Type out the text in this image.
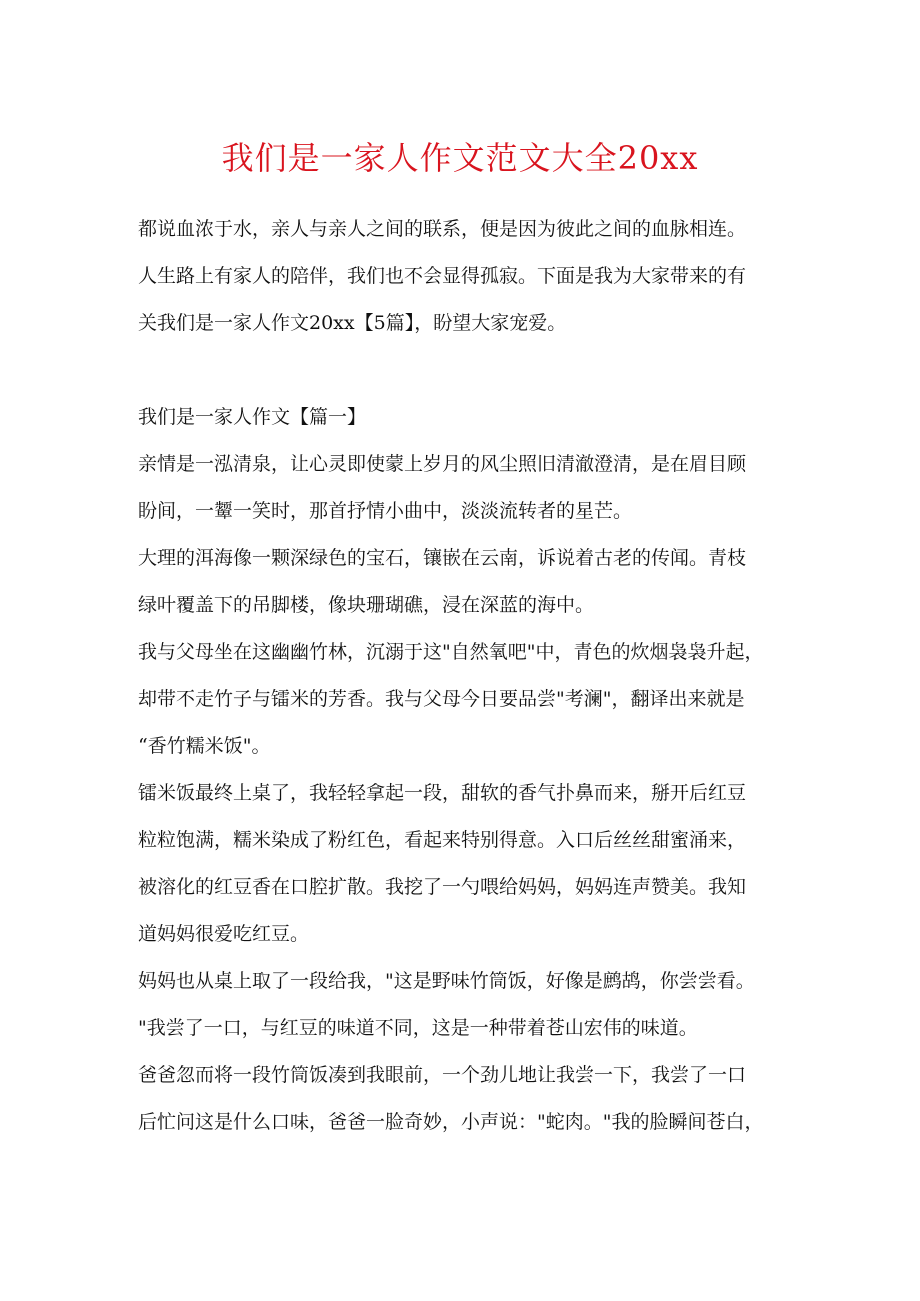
我们是一家人作文范文大全20xx

都说血浓于水，亲人与亲人之间的联系，便是因为彼此之间的血脉相连。
人生路上有家人的陪伴，我们也不会显得孤寂。下面是我为大家带来的有
关我们是一家人作文20xx【5篇】，盼望大家宠爱。

我们是一家人作文【篇一】

亲情是一泓清泉，让心灵即使蒙上岁月的风尘照旧清澈澄清，是在眉目顾
盼间，一颦一笑时，那首抒情小曲中，淡淡流转者的星芒。

大理的洱海像一颗深绿色的宝石，镶嵌在云南，诉说着古老的传闻。青枝
绿叶覆盖下的吊脚楼，像块珊瑚礁，浸在深蓝的海中。

我与父母坐在这幽幽竹林，沉溺于这"自然氧吧"中，青色的炊烟袅袅升起，
却带不走竹子与镭米的芳香。我与父母今日要品尝"考澜"，翻译出来就是
“香竹糯米饭"。

镭米饭最终上桌了，我轻轻拿起一段，甜软的香气扑鼻而来，掰开后红豆
粒粒饱满，糯米染成了粉红色，看起来特别得意。入口后丝丝甜蜜涌来，
被溶化的红豆香在口腔扩散。我挖了一勺喂给妈妈，妈妈连声赞美。我知
道妈妈很爱吃红豆。

妈妈也从桌上取了一段给我，"这是野味竹筒饭，好像是鹧鸪，你尝尝看。
"我尝了一口，与红豆的味道不同，这是一种带着苍山宏伟的味道。

爸爸忽而将一段竹筒饭凑到我眼前，一个劲儿地让我尝一下，我尝了一口
后忙问这是什么口味，爸爸一脸奇妙，小声说："蛇肉。"我的脸瞬间苍白，
